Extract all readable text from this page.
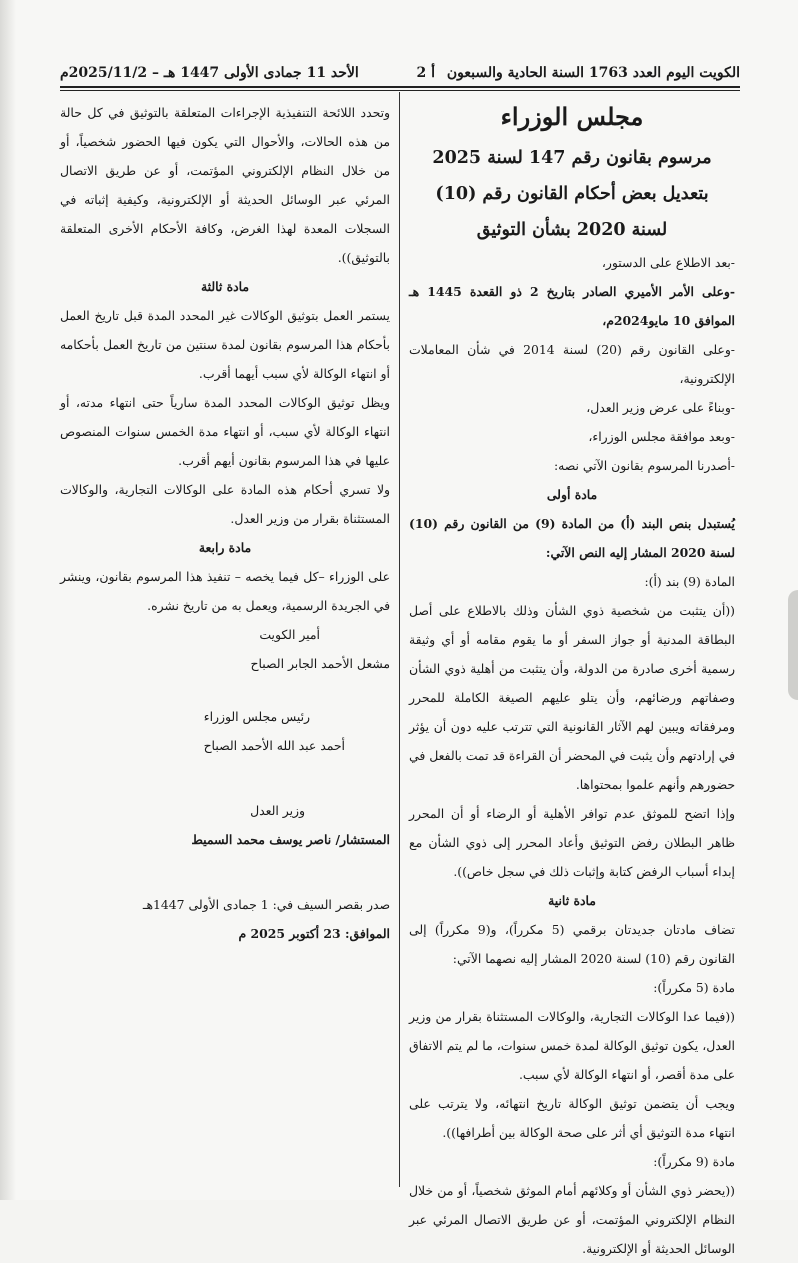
الكويت اليوم العدد 1763 السنة الحادية والسبعون
أ 2
الأحد 11 جمادى الأولى 1447 هـ – 2025/11/2م
مجلس الوزراء
مرسوم بقانون رقم 147 لسنة 2025
بتعديل بعض أحكام القانون رقم (10)
لسنة 2020 بشأن التوثيق

-بعد الاطلاع على الدستور،

-وعلى الأمر الأميري الصادر بتاريخ 2 ذو القعدة 1445 هـ الموافق 10 مايو2024م،

-وعلى القانون رقم (20) لسنة 2014 في شأن المعاملات الإلكترونية،

-وبناءً على عرض وزير العدل،

-وبعد موافقة مجلس الوزراء،

-أصدرنا المرسوم بقانون الآتي نصه:

مادة أولى

يُستبدل بنص البند (أ) من المادة (9) من القانون رقم (10) لسنة 2020 المشار إليه النص الآتي:

المادة (9) بند (أ):

((أن يتثبت من شخصية ذوي الشأن وذلك بالاطلاع على أصل البطاقة المدنية أو جواز السفر أو ما يقوم مقامه أو أي وثيقة رسمية أخرى صادرة من الدولة، وأن يتثبت من أهلية ذوي الشأن وصفاتهم ورضائهم، وأن يتلو عليهم الصيغة الكاملة للمحرر ومرفقاته ويبين لهم الآثار القانونية التي تترتب عليه دون أن يؤثر في إرادتهم وأن يثبت في المحضر أن القراءة قد تمت بالفعل في حضورهم وأنهم علموا بمحتواها.

وإذا اتضح للموثق عدم توافر الأهلية أو الرضاء أو أن المحرر ظاهر البطلان رفض التوثيق وأعاد المحرر إلى ذوي الشأن مع إبداء أسباب الرفض كتابة وإثبات ذلك في سجل خاص)).

مادة ثانية

تضاف مادتان جديدتان برقمي (5 مكرراً)، و(9 مكرراً) إلى القانون رقم (10) لسنة 2020 المشار إليه نصهما الآتي:

مادة (5 مكرراً):

((فيما عدا الوكالات التجارية، والوكالات المستثناة بقرار من وزير العدل، يكون توثيق الوكالة لمدة خمس سنوات، ما لم يتم الاتفاق على مدة أقصر، أو انتهاء الوكالة لأي سبب.

ويجب أن يتضمن توثيق الوكالة تاريخ انتهائه، ولا يترتب على انتهاء مدة التوثيق أي أثر على صحة الوكالة بين أطرافها)).

مادة (9 مكرراً):

((يحضر ذوي الشأن أو وكلائهم أمام الموثق شخصياً، أو من خلال النظام الإلكتروني المؤتمت، أو عن طريق الاتصال المرئي عبر الوسائل الحديثة أو الإلكترونية.

وتحدد اللائحة التنفيذية الإجراءات المتعلقة بالتوثيق في كل حالة من هذه الحالات، والأحوال التي يكون فيها الحضور شخصياً، أو من خلال النظام الإلكتروني المؤتمت، أو عن طريق الاتصال المرئي عبر الوسائل الحديثة أو الإلكترونية، وكيفية إثباته في السجلات المعدة لهذا الغرض، وكافة الأحكام الأخرى المتعلقة بالتوثيق)).

مادة ثالثة

يستمر العمل بتوثيق الوكالات غير المحدد المدة قبل تاريخ العمل بأحكام هذا المرسوم بقانون لمدة سنتين من تاريخ العمل بأحكامه أو انتهاء الوكالة لأي سبب أيهما أقرب.

ويظل توثيق الوكالات المحدد المدة سارياً حتى انتهاء مدته، أو انتهاء الوكالة لأي سبب، أو انتهاء مدة الخمس سنوات المنصوص عليها في هذا المرسوم بقانون أيهم أقرب.

ولا تسري أحكام هذه المادة على الوكالات التجارية، والوكالات المستثناة بقرار من وزير العدل.

مادة رابعة

على الوزراء –كل فيما يخصه – تنفيذ هذا المرسوم بقانون، وينشر في الجريدة الرسمية، ويعمل به من تاريخ نشره.

أمير الكويت

مشعل الأحمد الجابر الصباح

رئيس مجلس الوزراء

أحمد عبد الله الأحمد الصباح

وزير العدل

المستشار/ ناصر يوسف محمد السميط

صدر بقصر السيف في: 1 جمادى الأولى 1447هـ

الموافق: 23 أكتوبر 2025 م
